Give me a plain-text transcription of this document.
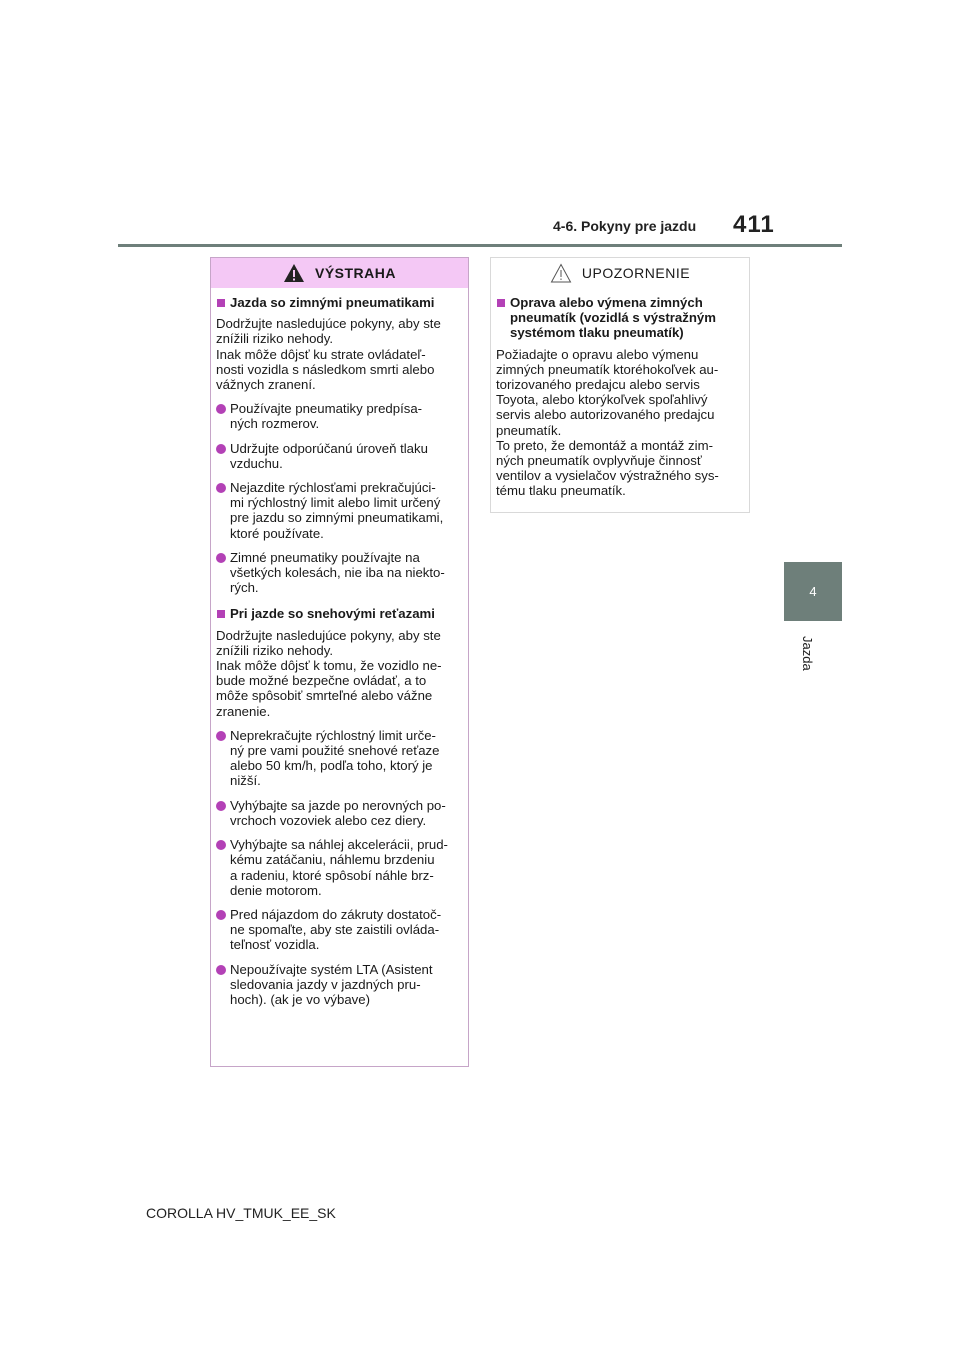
4-6. Pokyny pre jazdu 411
4
Jazda
VÝSTRAHA
Jazda so zimnými pneumatikami
Dodržujte nasledujúce pokyny, aby ste
znížili riziko nehody.
Inak môže dôjsť ku strate ovládateľ-
nosti vozidla s následkom smrti alebo
vážnych zranení.
Používajte pneumatiky predpísa-
ných rozmerov.
Udržujte odporúčanú úroveň tlaku
vzduchu.
Nejazdite rýchlosťami prekračujúci-
mi rýchlostný limit alebo limit určený
pre jazdu so zimnými pneumatikami,
ktoré používate.
Zimné pneumatiky používajte na
všetkých kolesách, nie iba na niekto-
rých.
Pri jazde so snehovými reťazami
Dodržujte nasledujúce pokyny, aby ste
znížili riziko nehody.
Inak môže dôjsť k tomu, že vozidlo ne-
bude možné bezpečne ovládať, a to
môže spôsobiť smrteľné alebo vážne
zranenie.
Neprekračujte rýchlostný limit urče-
ný pre vami použité snehové reťaze
alebo 50 km/h, podľa toho, ktorý je
nižší.
Vyhýbajte sa jazde po nerovných po-
vrchoch vozoviek alebo cez diery.
Vyhýbajte sa náhlej akcelerácii, prud-
kému zatáčaniu, náhlemu brzdeniu
a radeniu, ktoré spôsobí náhle brz-
denie motorom.
Pred nájazdom do zákruty dostatoč-
ne spomaľte, aby ste zaistili ovláda-
teľnosť vozidla.
Nepoužívajte systém LTA (Asistent
sledovania jazdy v jazdných pru-
hoch). (ak je vo výbave)
UPOZORNENIE
Oprava alebo výmena zimných
pneumatík (vozidlá s výstražným
systémom tlaku pneumatík)
Požiadajte o opravu alebo výmenu
zimných pneumatík ktoréhokoľvek au-
torizovaného predajcu alebo servis
Toyota, alebo ktorýkoľvek spoľahlivý
servis alebo autorizovaného predajcu
pneumatík.
To preto, že demontáž a montáž zim-
ných pneumatík ovplyvňuje činnosť
ventilov a vysielačov výstražného sys-
tému tlaku pneumatík.
COROLLA HV_TMUK_EE_SK
